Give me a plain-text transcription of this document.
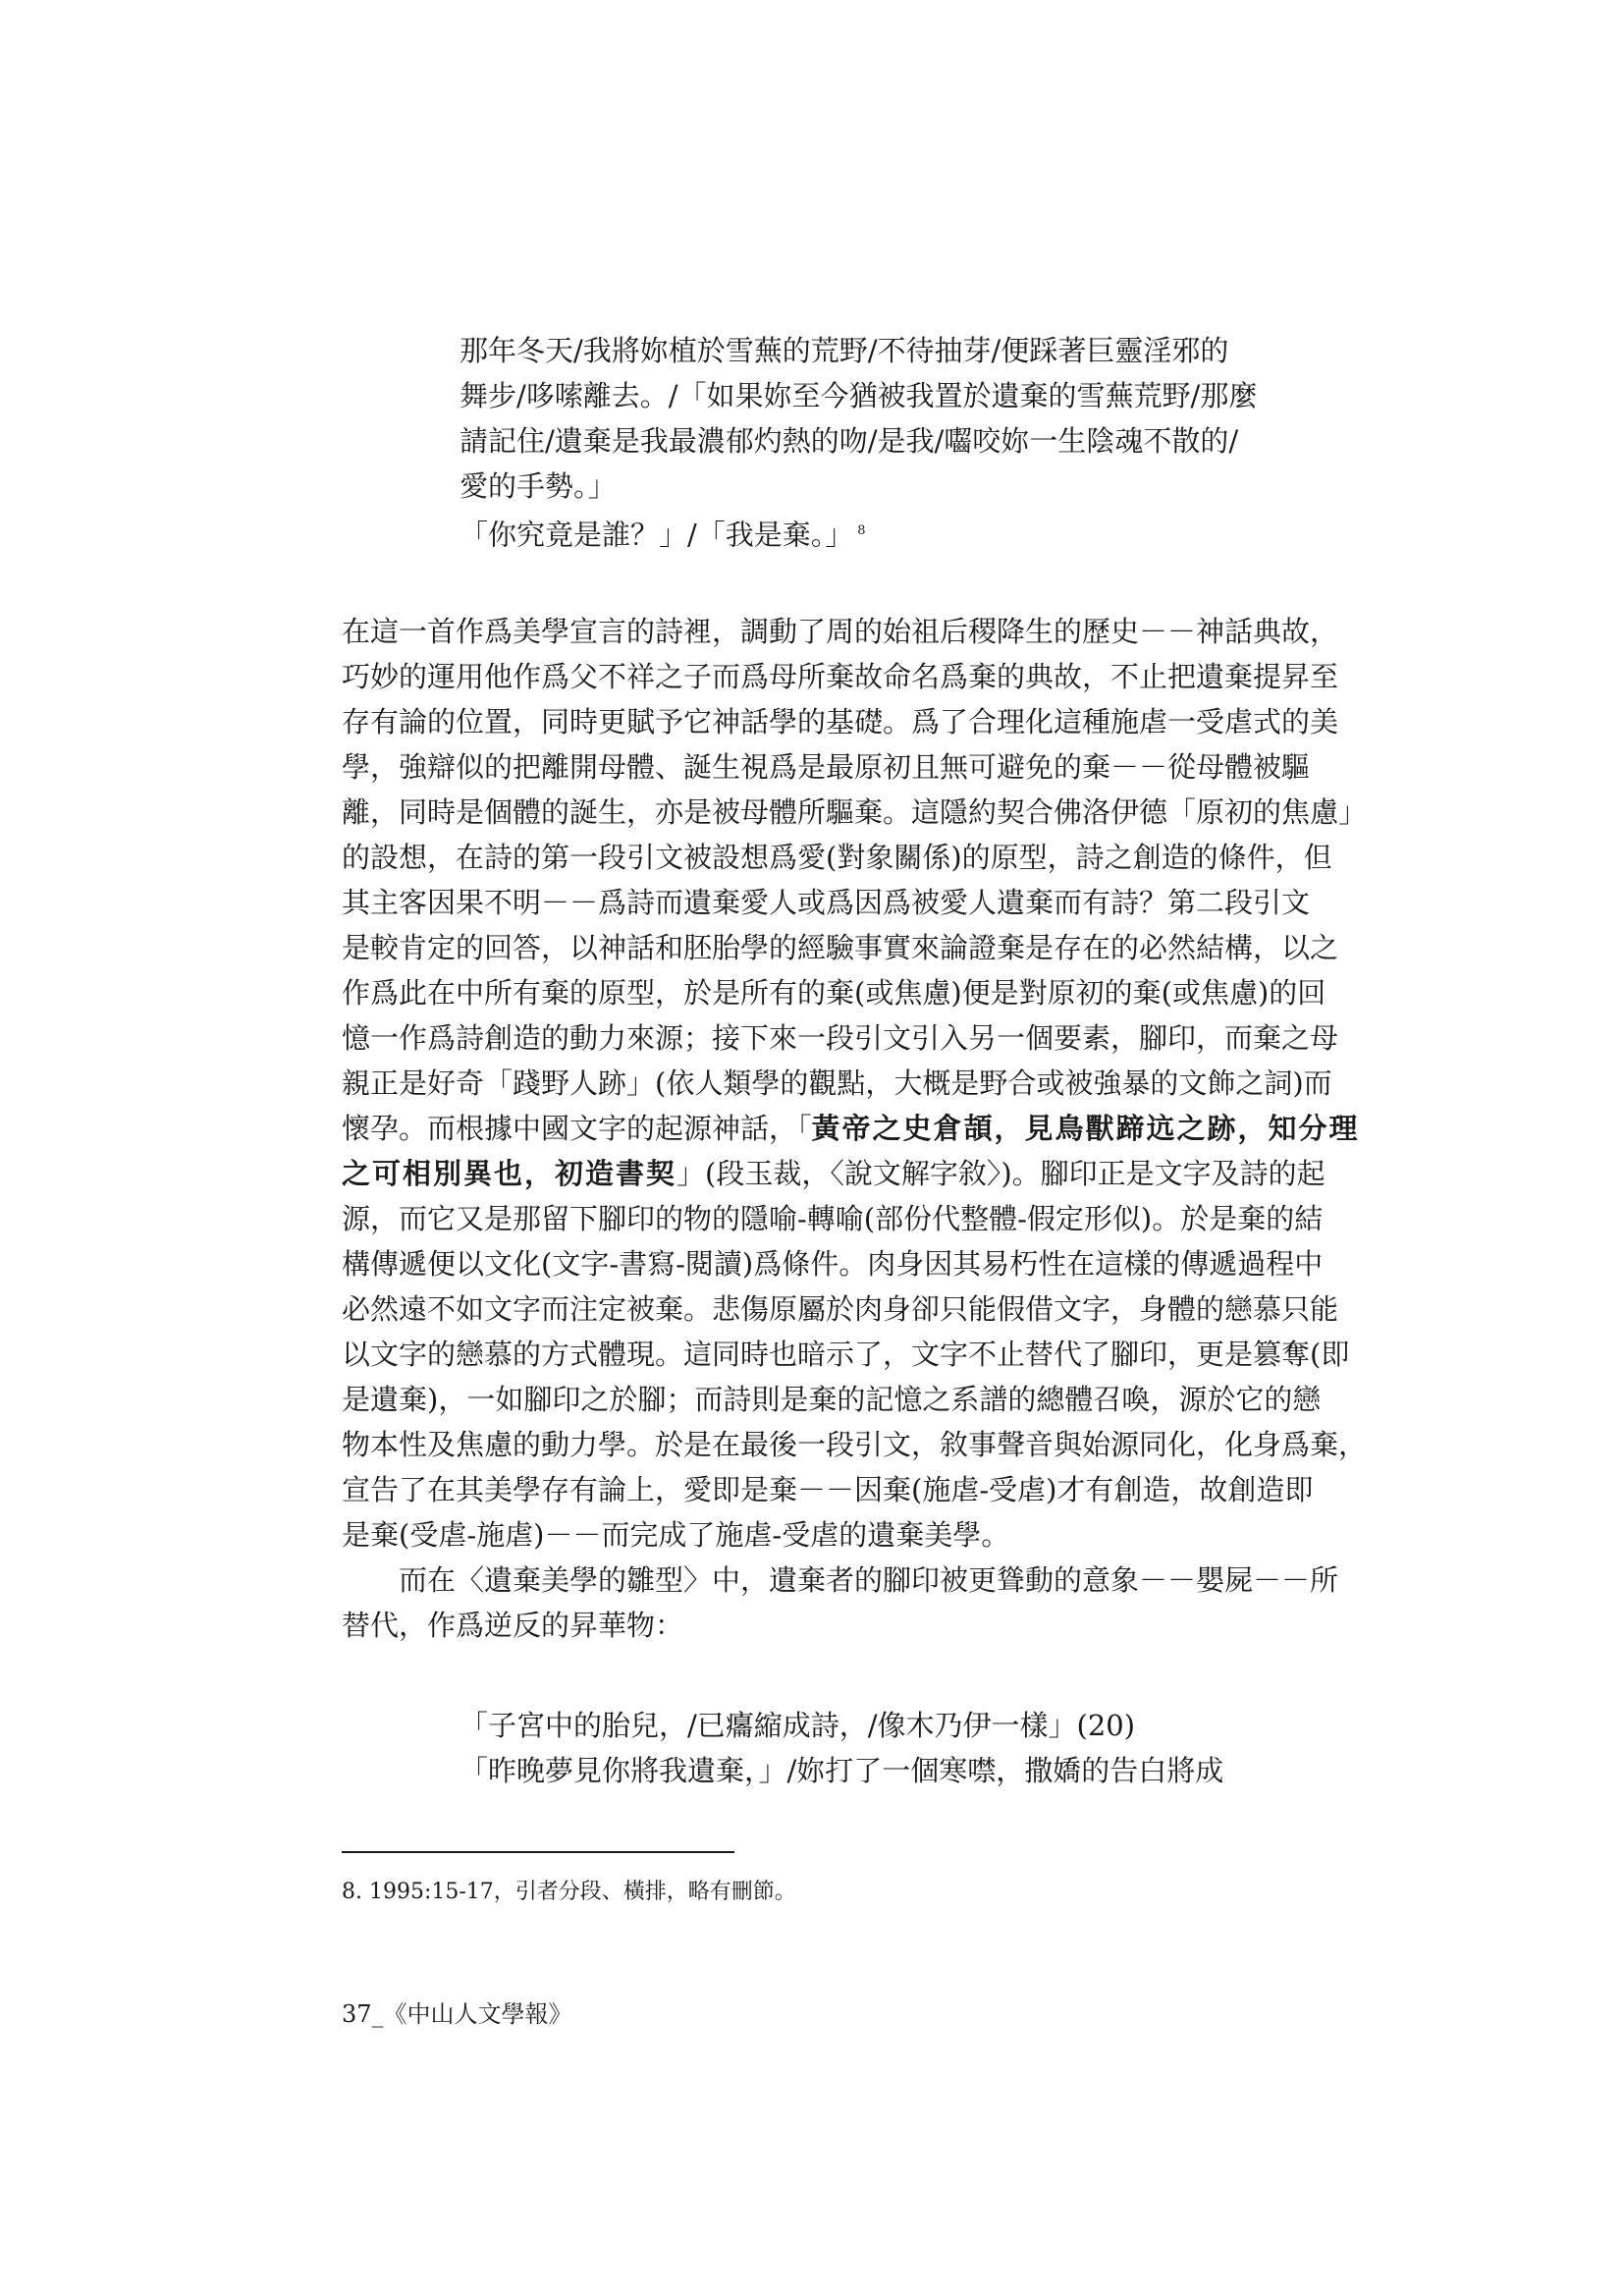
那年冬天/我將妳植於雪蕪的荒野/不待抽芽/便踩著巨靈淫邪的
舞步/哆嗦離去。/「如果妳至今猶被我置於遺棄的雪蕪荒野/那麼
請記住/遺棄是我最濃郁灼熱的吻/是我/囓咬妳一生陰魂不散的/
愛的手勢。」
「你究竟是誰？」/「我是棄。」 $^8$
在這一首作爲美學宣言的詩裡，調動了周的始祖后稷降生的歷史－－神話典故，
巧妙的運用他作爲父不祥之子而爲母所棄故命名爲棄的典故，不止把遺棄提昇至
存有論的位置，同時更賦予它神話學的基礎。爲了合理化這種施虐一受虐式的美
學，強辯似的把離開母體、誕生視爲是最原初且無可避免的棄－－從母體被驅
離，同時是個體的誕生，亦是被母體所驅棄。這隱約契合佛洛伊德「原初的焦慮」
的設想，在詩的第一段引文被設想爲愛(對象關係)的原型，詩之創造的條件，但
其主客因果不明－－爲詩而遺棄愛人或爲因爲被愛人遺棄而有詩？第二段引文
是較肯定的回答，以神話和胚胎學的經驗事實來論證棄是存在的必然結構，以之
作爲此在中所有棄的原型，於是所有的棄(或焦慮)便是對原初的棄(或焦慮)的回
憶一作爲詩創造的動力來源；接下來一段引文引入另一個要素，腳印，而棄之母
親正是好奇「踐野人跡」(依人類學的觀點，大概是野合或被強暴的文飾之詞)而
懷孕。而根據中國文字的起源神話，「黃帝之史倉頡，見鳥獸蹄迒之跡，知分理
之可相別異也，初造書契」(段玉裁，〈說文解字敘〉)。腳印正是文字及詩的起
源，而它又是那留下腳印的物的隱喻-轉喻(部份代整體-假定形似)。於是棄的結
構傳遞便以文化(文字-書寫-閱讀)爲條件。肉身因其易朽性在這樣的傳遞過程中
必然遠不如文字而注定被棄。悲傷原屬於肉身卻只能假借文字，身體的戀慕只能
以文字的戀慕的方式體現。這同時也暗示了，文字不止替代了腳印，更是篡奪(即
是遺棄)，一如腳印之於腳；而詩則是棄的記憶之系譜的總體召喚，源於它的戀
物本性及焦慮的動力學。於是在最後一段引文，敘事聲音與始源同化，化身爲棄，
宣告了在其美學存有論上，愛即是棄－－因棄(施虐-受虐)才有創造，故創造即
是棄(受虐-施虐)－－而完成了施虐-受虐的遺棄美學。
　　而在〈遺棄美學的雛型〉中，遺棄者的腳印被更聳動的意象－－嬰屍－－所
替代，作爲逆反的昇華物：
「子宮中的胎兒，/已癟縮成詩，/像木乃伊一樣」(20)
「昨晚夢見你將我遺棄，」/妳打了一個寒噤，撒嬌的告白將成
8. 1995:15-17，引者分段、橫排，略有刪節。
37_《中山人文學報》
